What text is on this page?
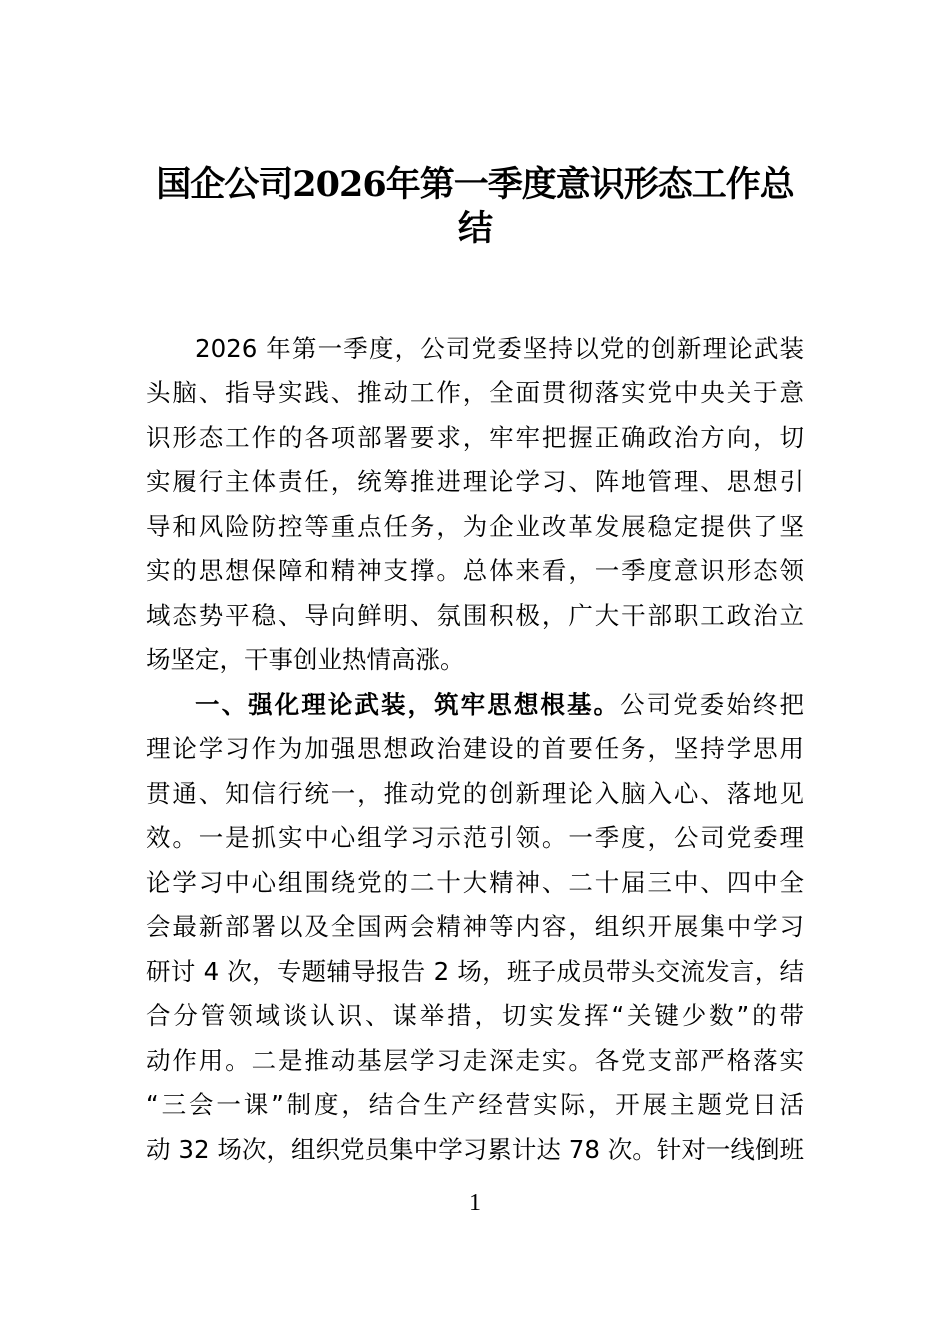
国企公司2026年第一季度意识形态工作总
结
2026 年第一季度，公司党委坚持以党的创新理论武装
头脑、指导实践、推动工作，全面贯彻落实党中央关于意
识形态工作的各项部署要求，牢牢把握正确政治方向，切
实履行主体责任，统筹推进理论学习、阵地管理、思想引
导和风险防控等重点任务，为企业改革发展稳定提供了坚
实的思想保障和精神支撑。总体来看，一季度意识形态领
域态势平稳、导向鲜明、氛围积极，广大干部职工政治立
场坚定，干事创业热情高涨。
一、强化理论武装，筑牢思想根基。公司党委始终把
理论学习作为加强思想政治建设的首要任务，坚持学思用
贯通、知信行统一，推动党的创新理论入脑入心、落地见
效。一是抓实中心组学习示范引领。一季度，公司党委理
论学习中心组围绕党的二十大精神、二十届三中、四中全
会最新部署以及全国两会精神等内容，组织开展集中学习
研讨 4 次，专题辅导报告 2 场，班子成员带头交流发言，结
合分管领域谈认识、谋举措，切实发挥“关键少数”的带
动作用。二是推动基层学习走深走实。各党支部严格落实
“三会一课”制度，结合生产经营实际，开展主题党日活
动 32 场次，组织党员集中学习累计达 78 次。针对一线倒班
1
